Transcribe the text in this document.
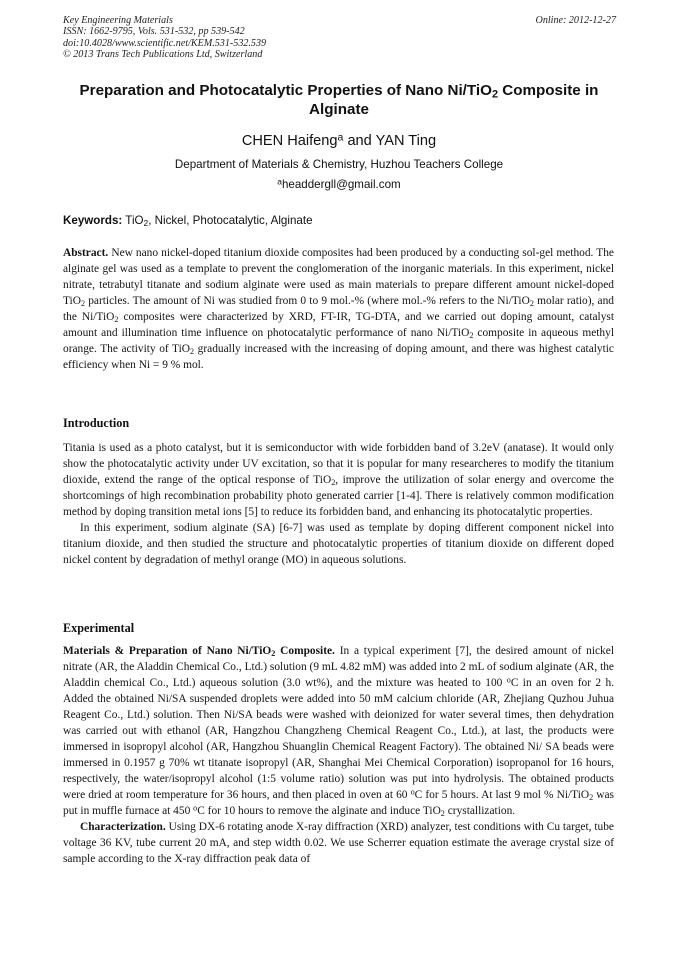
Key Engineering Materials
ISSN: 1662-9795, Vols. 531-532, pp 539-542
doi:10.4028/www.scientific.net/KEM.531-532.539
© 2013 Trans Tech Publications Ltd, Switzerland
Online: 2012-12-27
Preparation and Photocatalytic Properties of Nano Ni/TiO$_2$ Composite in Alginate
CHEN Haifeng$^a$ and YAN Ting
Department of Materials & Chemistry, Huzhou Teachers College
$^a$headdergll@gmail.com
Keywords: TiO$_2$, Nickel, Photocatalytic, Alginate

Abstract. New nano nickel-doped titanium dioxide composites had been produced by a conducting sol-gel method. The alginate gel was used as a template to prevent the conglomeration of the inorganic materials. In this experiment, nickel nitrate, tetrabutyl titanate and sodium alginate were used as main materials to prepare different amount nickel-doped TiO$_2$ particles. The amount of Ni was studied from 0 to 9 mol.-% (where mol.-% refers to the Ni/TiO$_2$ molar ratio), and the Ni/TiO$_2$ composites were characterized by XRD, FT-IR, TG-DTA, and we carried out doping amount, catalyst amount and illumination time influence on photocatalytic performance of nano Ni/TiO$_2$ composite in aqueous methyl orange. The activity of TiO$_2$ gradually increased with the increasing of doping amount, and there was highest catalytic efficiency when Ni = 9 % mol.

Introduction

Titania is used as a photo catalyst, but it is semiconductor with wide forbidden band of 3.2eV (anatase). It would only show the photocatalytic activity under UV excitation, so that it is popular for many researcheres to modify the titanium dioxide, extend the range of the optical response of TiO$_2$, improve the utilization of solar energy and overcome the shortcomings of high recombination probability photo generated carrier [1-4]. There is relatively common modification method by doping transition metal ions [5] to reduce its forbidden band, and enhancing its photocatalytic properties.

In this experiment, sodium alginate (SA) [6-7] was used as template by doping different component nickel into titanium dioxide, and then studied the structure and photocatalytic properties of titanium dioxide on different doped nickel content by degradation of methyl orange (MO) in aqueous solutions.

Experimental

Materials & Preparation of Nano Ni/TiO$_2$ Composite. In a typical experiment [7], the desired amount of nickel nitrate (AR, the Aladdin Chemical Co., Ltd.) solution (9 mL 4.82 mM) was added into 2 mL of sodium alginate (AR, the Aladdin chemical Co., Ltd.) aqueous solution (3.0 wt%), and the mixture was heated to 100 $^o$C in an oven for 2 h. Added the obtained Ni/SA suspended droplets were added into 50 mM calcium chloride (AR, Zhejiang Quzhou Juhua Reagent Co., Ltd.) solution. Then Ni/SA beads were washed with deionized for water several times, then dehydration was carried out with ethanol (AR, Hangzhou Changzheng Chemical Reagent Co., Ltd.), at last, the products were immersed in isopropyl alcohol (AR, Hangzhou Shuanglin Chemical Reagent Factory). The obtained Ni/ SA beads were immersed in 0.1957 g 70% wt titanate isopropyl (AR, Shanghai Mei Chemical Corporation) isopropanol for 16 hours, respectively, the water/isopropyl alcohol (1:5 volume ratio) solution was put into hydrolysis. The obtained products were dried at room temperature for 36 hours, and then placed in oven at 60 $^o$C for 5 hours. At last 9 mol % Ni/TiO$_2$ was put in muffle furnace at 450 $^o$C for 10 hours to remove the alginate and induce TiO$_2$ crystallization.

Characterization. Using DX-6 rotating anode X-ray diffraction (XRD) analyzer, test conditions with Cu target, tube voltage 36 KV, tube current 20 mA, and step width 0.02. We use Scherrer equation estimate the average crystal size of sample according to the X-ray diffraction peak data of
